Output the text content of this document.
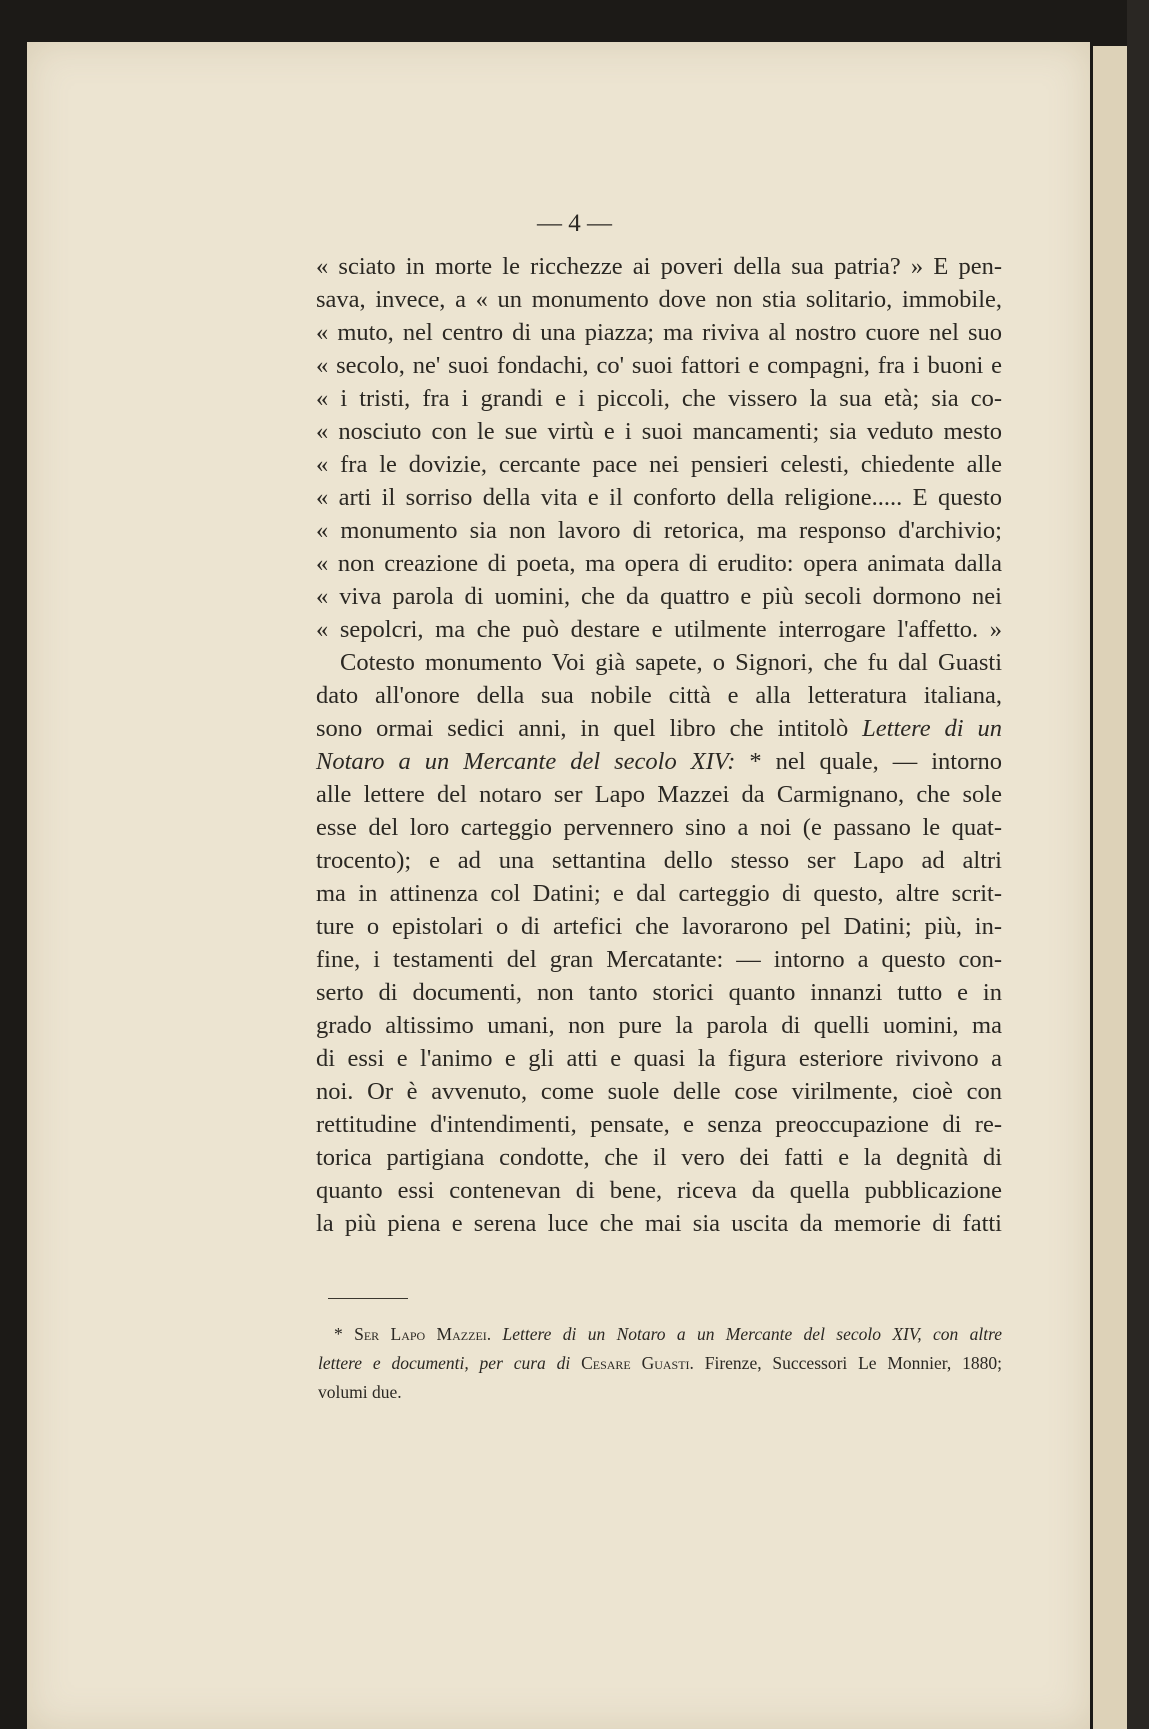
— 4 —
« sciato in morte le ricchezze ai poveri della sua patria? » E pen-
sava, invece, a « un monumento dove non stia solitario, immobile,
« muto, nel centro di una piazza; ma riviva al nostro cuore nel suo
« secolo, ne' suoi fondachi, co' suoi fattori e compagni, fra i buoni e
« i tristi, fra i grandi e i piccoli, che vissero la sua età; sia co-
« nosciuto con le sue virtù e i suoi mancamenti; sia veduto mesto
« fra le dovizie, cercante pace nei pensieri celesti, chiedente alle
« arti il sorriso della vita e il conforto della religione..... E questo
« monumento sia non lavoro di retorica, ma responso d'archivio;
« non creazione di poeta, ma opera di erudito: opera animata dalla
« viva parola di uomini, che da quattro e più secoli dormono nei
« sepolcri, ma che può destare e utilmente interrogare l'affetto. »
Cotesto monumento Voi già sapete, o Signori, che fu dal Guasti
dato all'onore della sua nobile città e alla letteratura italiana,
sono ormai sedici anni, in quel libro che intitolò Lettere di un
Notaro a un Mercante del secolo XIV: * nel quale, — intorno
alle lettere del notaro ser Lapo Mazzei da Carmignano, che sole
esse del loro carteggio pervennero sino a noi (e passano le quat-
trocento); e ad una settantina dello stesso ser Lapo ad altri
ma in attinenza col Datini; e dal carteggio di questo, altre scrit-
ture o epistolari o di artefici che lavorarono pel Datini; più, in-
fine, i testamenti del gran Mercatante: — intorno a questo con-
serto di documenti, non tanto storici quanto innanzi tutto e in
grado altissimo umani, non pure la parola di quelli uomini, ma
di essi e l'animo e gli atti e quasi la figura esteriore rivivono a
noi. Or è avvenuto, come suole delle cose virilmente, cioè con
rettitudine d'intendimenti, pensate, e senza preoccupazione di re-
torica partigiana condotte, che il vero dei fatti e la degnità di
quanto essi contenevan di bene, riceva da quella pubblicazione
la più piena e serena luce che mai sia uscita da memorie di fatti
* Ser Lapo Mazzei. Lettere di un Notaro a un Mercante del secolo XIV, con altre
lettere e documenti, per cura di Cesare Guasti. Firenze, Successori Le Monnier, 1880;
volumi due.
